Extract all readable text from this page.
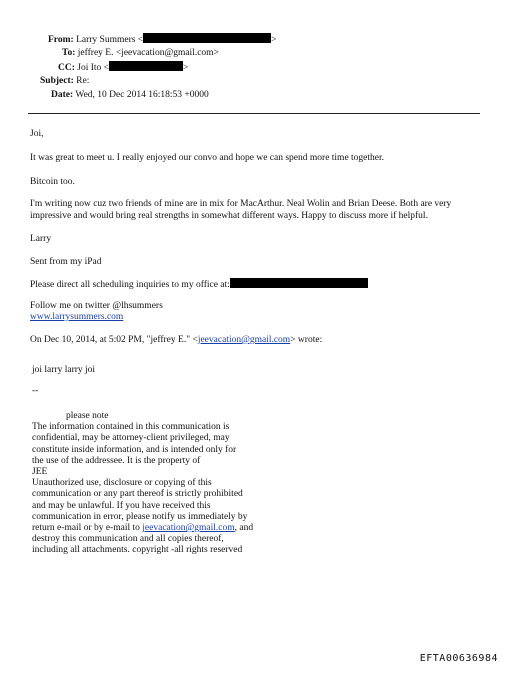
From: Larry Summers <	>
To: jeffrey E. <jeevacation@gmail.com>
CC: Joi Ito <	>
Subject: Re:
Date: Wed, 10 Dec 2014 16:18:53 +0000
Joi,
It was great to meet u. I really enjoyed our convo and hope we can spend more time together.
Bitcoin too.
I'm writing now cuz two friends of mine are in mix for MacArthur. Neal Wolin and Brian Deese. Both are very
impressive and would bring real strengths in somewhat different ways. Happy to discuss more if helpful.
Larry
Sent from my iPad
Please direct all scheduling inquiries to my office at:
Follow me on twitter @lhsummers
www.larrysummers.com
On Dec 10, 2014, at 5:02 PM, "jeffrey E." <jeevacation@gmail.com> wrote:
joi larry larry joi
--
please note
The information contained in this communication is
confidential, may be attorney-client privileged, may
constitute inside information, and is intended only for
the use of the addressee. It is the property of
JEE
Unauthorized use, disclosure or copying of this
communication or any part thereof is strictly prohibited
and may be unlawful. If you have received this
communication in error, please notify us immediately by
return e-mail or by e-mail to jeevacation@gmail.com, and
destroy this communication and all copies thereof,
including all attachments. copyright -all rights reserved
EFTA00636984
